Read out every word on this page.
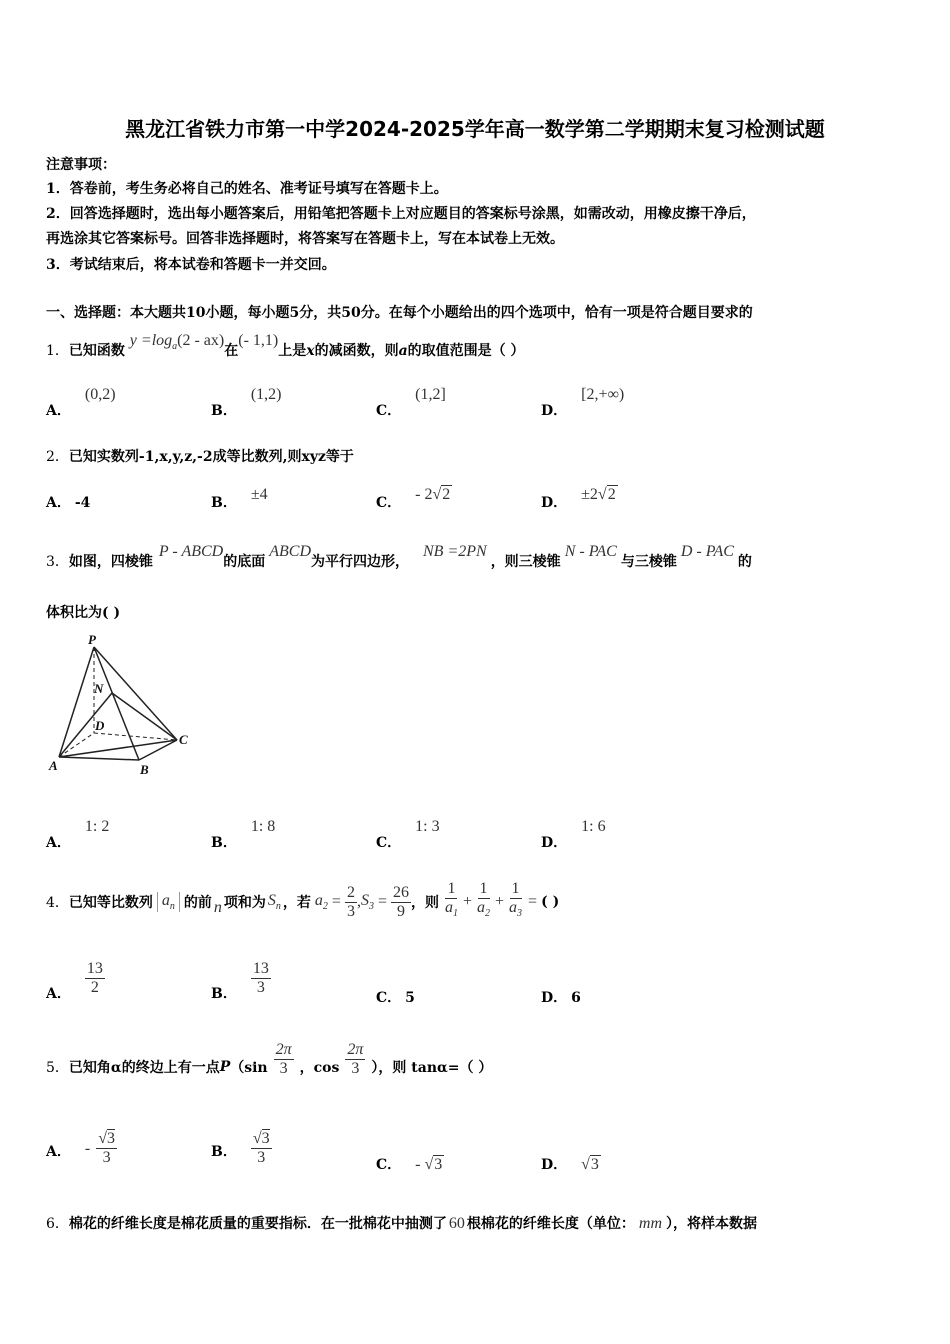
黑龙江省铁力市第一中学2024-2025学年高一数学第二学期期末复习检测试题
注意事项：
1．答卷前，考生务必将自己的姓名、准考证号填写在答题卡上。
2．回答选择题时，选出每小题答案后，用铅笔把答题卡上对应题目的答案标号涂黑，如需改动，用橡皮擦干净后，
再选涂其它答案标号。回答非选择题时，将答案写在答题卡上，写在本试卷上无效。
3．考试结束后，将本试卷和答题卡一并交回。
一、选择题：本大题共10小题，每小题5分，共50分。在每个小题给出的四个选项中，恰有一项是符合题目要求的
1．已知函数 $y =\log_a(2 - ax)$在(- 1,1)上是x的减函数，则a的取值范围是（ ）
A．(0,2)
B．(1,2)
C．(1,2]
D．[2,+∞)
2．已知实数列-1,x,y,z,-2成等比数列,则xyz等于
A． -4	B． ±4	C． - 2√2	D． ±2√2
3．如图，四棱锥P - ABCD的底面ABCD为平行四边形，NB =2PN，则三棱锥N - PAC与三棱锥D - PAC的
体积比为( )
P
N
D
C
A	B
A．1: 2
B．1: 8
C．1: 3
D．1: 6
4． 已知等比数列 $a_n$ 的前 n 项和为 $S_n$ ，若 $a_2 = \frac{2}{3}$ , $S_3 = \frac{26}{9}$ ，则 $\frac{1}{a_1} + \frac{1}{a_2} + \frac{1}{a_3}$ = ( )
A． $\frac{13}{2}$	B． $\frac{13}{3}$
C． 5	D． 6
5． 已知角α的终边上有一点 P （$\sin \frac{2\pi}{3}$ ，$\cos \frac{2\pi}{3}$ ），则 tanα=（ ）
A． - $\frac{√3}{3}$	B． $\frac{√3}{3}$	C． - √3	D． √3
6．棉花的纤维长度是棉花质量的重要指标．在一批棉花中抽测了 60 根棉花的纤维长度（单位： mm ），将样本数据
